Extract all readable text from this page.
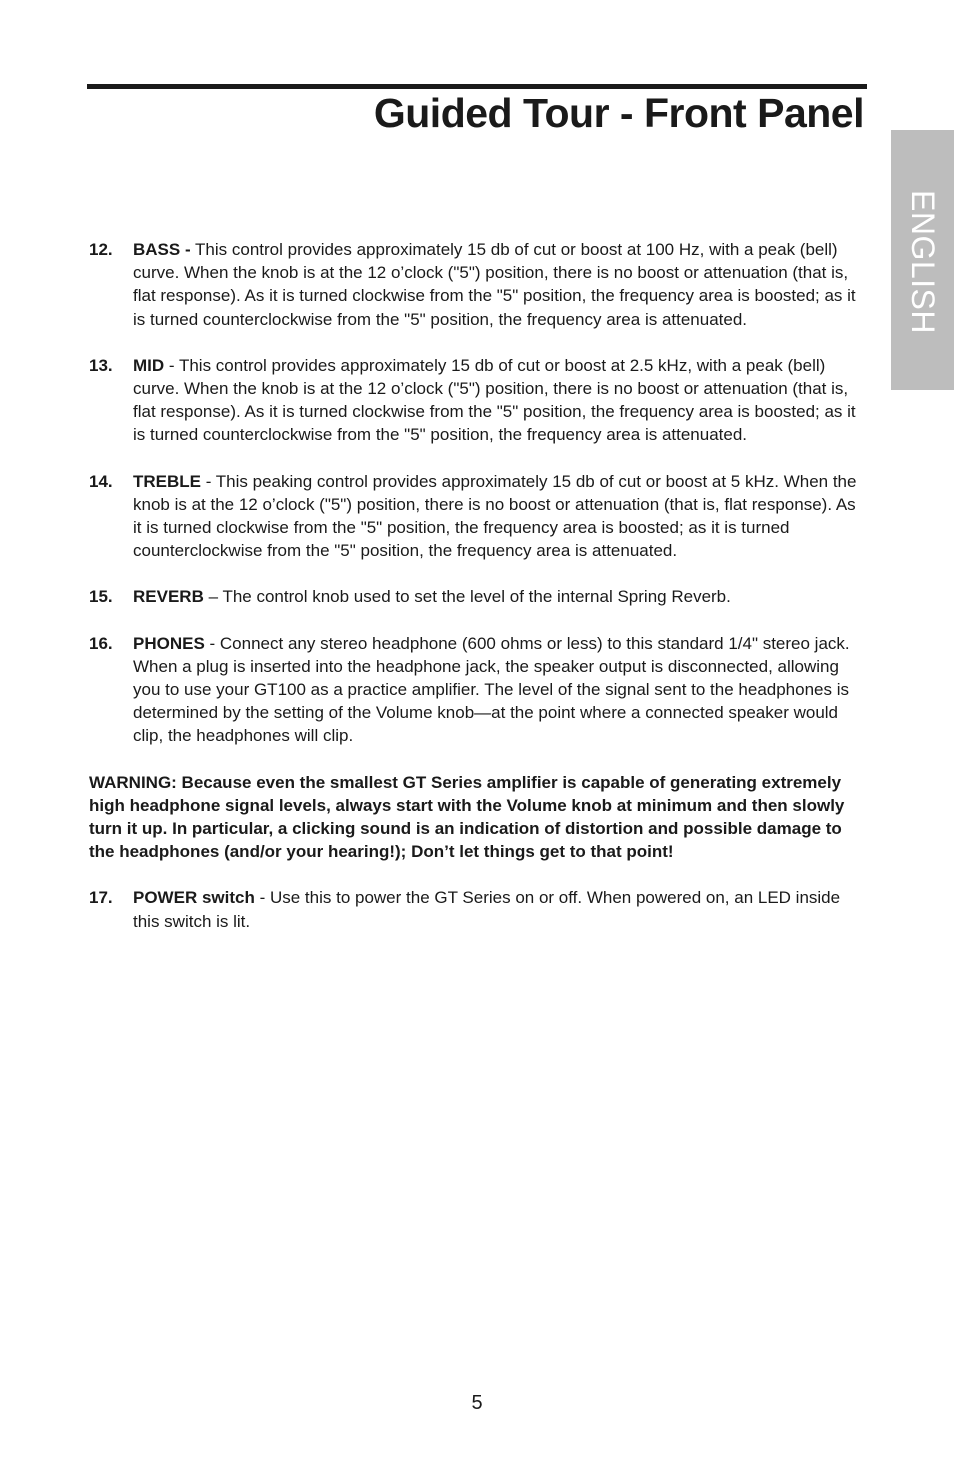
Guided Tour - Front Panel
ENGLISH
12. BASS - This control provides approximately 15 db of cut or boost at 100 Hz, with a peak (bell) curve. When the knob is at the 12 o’clock ("5") position, there is no boost or attenuation (that is, flat response). As it is turned clockwise from the "5" position, the frequency area is boosted; as it is turned counterclockwise from the "5" position, the frequency area is attenuated.
13. MID - This control provides approximately 15 db of cut or boost at 2.5 kHz, with a peak (bell) curve. When the knob is at the 12 o’clock ("5") position, there is no boost or attenuation (that is, flat response). As it is turned clockwise from the "5" position, the frequency area is boosted; as it is turned counterclockwise from the "5" position, the frequency area is attenuated.
14. TREBLE - This peaking control provides approximately 15 db of cut or boost at 5 kHz. When the knob is at the 12 o’clock ("5") position, there is no boost or attenuation (that is, flat response). As it is turned clockwise from the "5" position, the frequency area is boosted; as it is turned counterclockwise from the "5" position, the frequency area is attenuated.
15. REVERB – The control knob used to set the level of the internal Spring Reverb.
16. PHONES - Connect any stereo headphone (600 ohms or less) to this standard 1/4" stereo jack. When a plug is inserted into the headphone jack, the speaker output is disconnected, allowing you to use your GT100 as a practice amplifier. The level of the signal sent to the headphones is determined by the setting of the Volume knob—at the point where a connected speaker would clip, the headphones will clip.

WARNING: Because even the smallest GT Series amplifier is capable of generating extremely high headphone signal levels, always start with the Volume knob at minimum and then slowly turn it up. In particular, a clicking sound is an indication of distortion and possible damage to the headphones (and/or your hearing!); Don’t let things get to that point!

17. POWER switch - Use this to power the GT Series on or off. When powered on, an LED inside this switch is lit.
5
